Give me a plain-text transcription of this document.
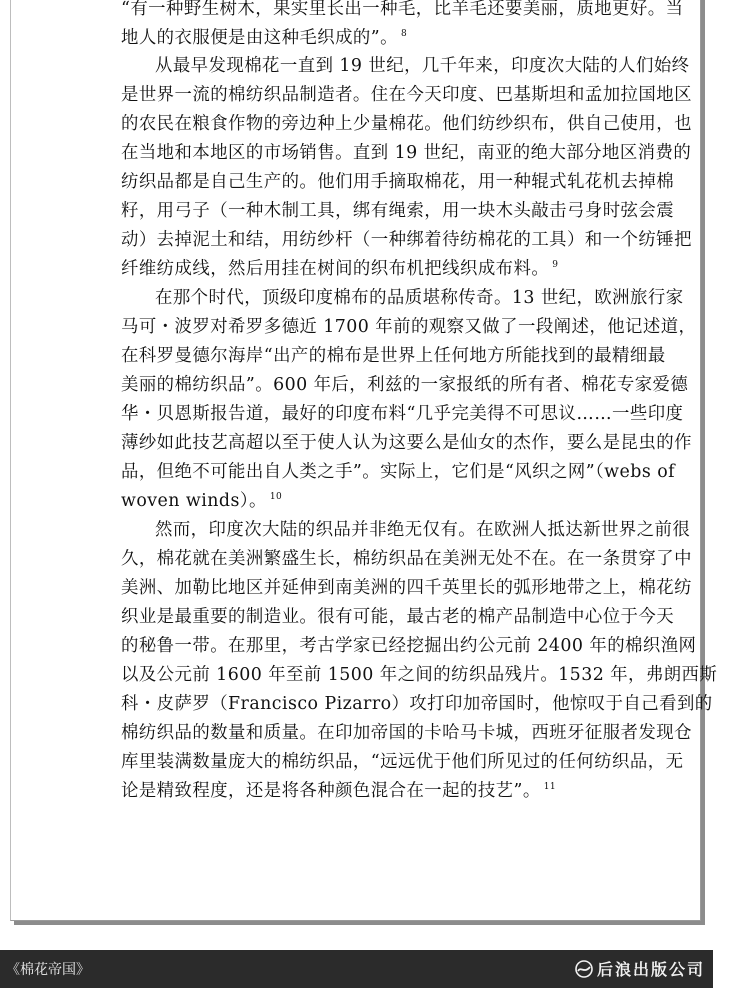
“有一种野生树木，果实里长出一种毛，比羊毛还要美丽，质地更好。当
地人的衣服便是由这种毛织成的”。 $^8$
从最早发现棉花一直到 19 世纪，几千年来，印度次大陆的人们始终
是世界一流的棉纺织品制造者。住在今天印度、巴基斯坦和孟加拉国地区
的农民在粮食作物的旁边种上少量棉花。他们纺纱织布，供自己使用，也
在当地和本地区的市场销售。直到 19 世纪，南亚的绝大部分地区消费的
纺织品都是自己生产的。他们用手摘取棉花，用一种辊式轧花机去掉棉
籽，用弓子（一种木制工具，绑有绳索，用一块木头敲击弓身时弦会震
动）去掉泥土和结，用纺纱杆（一种绑着待纺棉花的工具）和一个纺锤把
纤维纺成线，然后用挂在树间的织布机把线织成布料。 $^9$
在那个时代，顶级印度棉布的品质堪称传奇。13 世纪，欧洲旅行家
马可・波罗对希罗多德近 1700 年前的观察又做了一段阐述，他记述道，
在科罗曼德尔海岸“出产的棉布是世界上任何地方所能找到的最精细最
美丽的棉纺织品”。600 年后，利兹的一家报纸的所有者、棉花专家爱德
华・贝恩斯报告道，最好的印度布料“几乎完美得不可思议……一些印度
薄纱如此技艺高超以至于使人认为这要么是仙女的杰作，要么是昆虫的作
品，但绝不可能出自人类之手”。实际上，它们是“风织之网”（webs of
woven winds）。 $^{10}$
然而，印度次大陆的织品并非绝无仅有。在欧洲人抵达新世界之前很
久，棉花就在美洲繁盛生长，棉纺织品在美洲无处不在。在一条贯穿了中
美洲、加勒比地区并延伸到南美洲的四千英里长的弧形地带之上，棉花纺
织业是最重要的制造业。很有可能，最古老的棉产品制造中心位于今天
的秘鲁一带。在那里，考古学家已经挖掘出约公元前 2400 年的棉织渔网
以及公元前 1600 年至前 1500 年之间的纺织品残片。1532 年，弗朗西斯
科・皮萨罗（Francisco Pizarro）攻打印加帝国时，他惊叹于自己看到的
棉纺织品的数量和质量。在印加帝国的卡哈马卡城，西班牙征服者发现仓
库里装满数量庞大的棉纺织品，“远远优于他们所见过的任何纺织品，无
论是精致程度，还是将各种颜色混合在一起的技艺”。 $^{11}$
《棉花帝国》	后浪出版公司
